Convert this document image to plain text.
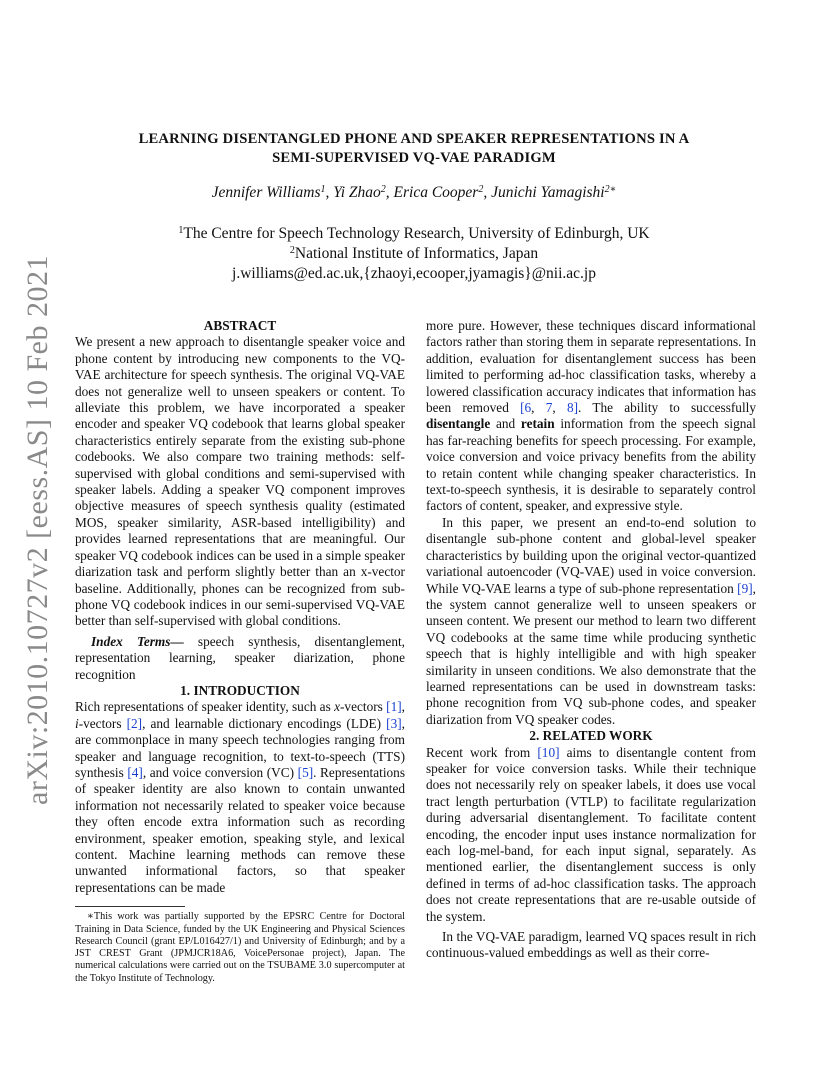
arXiv:2010.10727v2 [eess.AS] 10 Feb 2021
LEARNING DISENTANGLED PHONE AND SPEAKER REPRESENTATIONS IN A
SEMI-SUPERVISED VQ-VAE PARADIGM
Jennifer Williams$^1$, Yi Zhao$^2$, Erica Cooper$^2$, Junichi Yamagishi$^{2∗}$
$^1$The Centre for Speech Technology Research, University of Edinburgh, UK
$^2$National Institute of Informatics, Japan
j.williams@ed.ac.uk,{zhaoyi,ecooper,jyamagis}@nii.ac.jp

ABSTRACT

We present a new approach to disentangle speaker voice and phone content by introducing new components to the VQ-VAE architecture for speech synthesis. The original VQ-VAE does not generalize well to unseen speakers or content. To alleviate this problem, we have incorporated a speaker encoder and speaker VQ codebook that learns global speaker characteristics entirely separate from the existing sub-phone codebooks. We also compare two training methods: self-supervised with global conditions and semi-supervised with speaker labels. Adding a speaker VQ component improves objective measures of speech synthesis quality (estimated MOS, speaker similarity, ASR-based intelligibility) and provides learned representations that are meaningful. Our speaker VQ codebook indices can be used in a simple speaker diarization task and perform slightly better than an x-vector baseline. Additionally, phones can be recognized from sub-phone VQ codebook indices in our semi-supervised VQ-VAE better than self-supervised with global conditions.

Index Terms— speech synthesis, disentanglement, representation learning, speaker diarization, phone recognition

1. INTRODUCTION

Rich representations of speaker identity, such as x-vectors [1], i-vectors [2], and learnable dictionary encodings (LDE) [3], are commonplace in many speech technologies ranging from speaker and language recognition, to text-to-speech (TTS) synthesis [4], and voice conversion (VC) [5]. Representations of speaker identity are also known to contain unwanted information not necessarily related to speaker voice because they often encode extra information such as recording environment, speaker emotion, speaking style, and lexical content. Machine learning methods can remove these unwanted informational factors, so that speaker representations can be made

∗This work was partially supported by the EPSRC Centre for Doctoral Training in Data Science, funded by the UK Engineering and Physical Sciences Research Council (grant EP/L016427/1) and University of Edinburgh; and by a JST CREST Grant (JPMJCR18A6, VoicePersonae project), Japan. The numerical calculations were carried out on the TSUBAME 3.0 supercomputer at the Tokyo Institute of Technology.

more pure. However, these techniques discard informational factors rather than storing them in separate representations. In addition, evaluation for disentanglement success has been limited to performing ad-hoc classification tasks, whereby a lowered classification accuracy indicates that information has been removed [6, 7, 8]. The ability to successfully disentangle and retain information from the speech signal has far-reaching benefits for speech processing. For example, voice conversion and voice privacy benefits from the ability to retain content while changing speaker characteristics. In text-to-speech synthesis, it is desirable to separately control factors of content, speaker, and expressive style.

In this paper, we present an end-to-end solution to disentangle sub-phone content and global-level speaker characteristics by building upon the original vector-quantized variational autoencoder (VQ-VAE) used in voice conversion. While VQ-VAE learns a type of sub-phone representation [9], the system cannot generalize well to unseen speakers or unseen content. We present our method to learn two different VQ codebooks at the same time while producing synthetic speech that is highly intelligible and with high speaker similarity in unseen conditions. We also demonstrate that the learned representations can be used in downstream tasks: phone recognition from VQ sub-phone codes, and speaker diarization from VQ speaker codes.

2. RELATED WORK

Recent work from [10] aims to disentangle content from speaker for voice conversion tasks. While their technique does not necessarily rely on speaker labels, it does use vocal tract length perturbation (VTLP) to facilitate regularization during adversarial disentanglement. To facilitate content encoding, the encoder input uses instance normalization for each log-mel-band, for each input signal, separately. As mentioned earlier, the disentanglement success is only defined in terms of ad-hoc classification tasks. The approach does not create representations that are re-usable outside of the system.

In the VQ-VAE paradigm, learned VQ spaces result in rich continuous-valued embeddings as well as their corre-
